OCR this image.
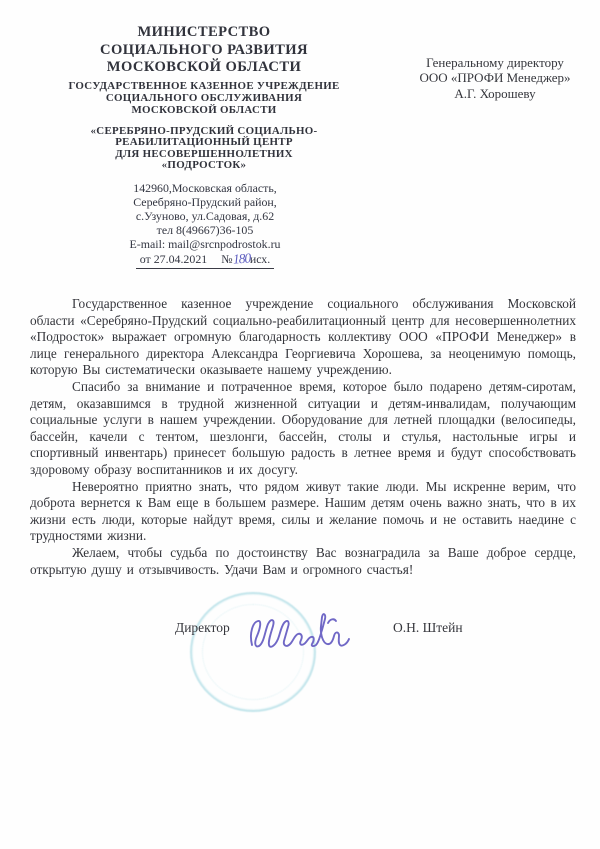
МИНИСТЕРСТВО
СОЦИАЛЬНОГО РАЗВИТИЯ
МОСКОВСКОЙ ОБЛАСТИ
ГОСУДАРСТВЕННОЕ КАЗЕННОЕ УЧРЕЖДЕНИЕ
СОЦИАЛЬНОГО ОБСЛУЖИВАНИЯ
МОСКОВСКОЙ ОБЛАСТИ
«СЕРЕБРЯНО-ПРУДСКИЙ СОЦИАЛЬНО-
РЕАБИЛИТАЦИОННЫЙ ЦЕНТР
ДЛЯ НЕСОВЕРШЕННОЛЕТНИХ
«ПОДРОСТОК»
Генеральному директору
ООО «ПРОФИ Менеджер»
А.Г. Хорошеву
142960,Московская область,
Серебряно-Прудский район,
с.Узуново, ул.Садовая, д.62
тел 8(49667)36-105
E-mail: mail@srcnpodrostok.ru
от 27.04.2021 №180исх.

Государственное казенное учреждение социального обслуживания Московской области «Серебряно-Прудский социально-реабилитационный центр для несовершеннолетних «Подросток» выражает огромную благодарность коллективу ООО «ПРОФИ Менеджер» в лице генерального директора Александра Георгиевича Хорошева, за неоценимую помощь, которую Вы систематически оказываете нашему учреждению.

Спасибо за внимание и потраченное время, которое было подарено детям-сиротам, детям, оказавшимся в трудной жизненной ситуации и детям-инвалидам, получающим социальные услуги в нашем учреждении. Оборудование для летней площадки (велосипеды, бассейн, качели с тентом, шезлонги, бассейн, столы и стулья, настольные игры и спортивный инвентарь) принесет большую радость в летнее время и будут способствовать здоровому образу воспитанников и их досугу.

Невероятно приятно знать, что рядом живут такие люди. Мы искренне верим, что доброта вернется к Вам еще в большем размере. Нашим детям очень важно знать, что в их жизни есть люди, которые найдут время, силы и желание помочь и не оставить наедине с трудностями жизни.

Желаем, чтобы судьба по достоинству Вас вознаградила за Ваше доброе сердце, открытую душу и отзывчивость. Удачи Вам и огромного счастья!

Директор	О.Н. Штейн
